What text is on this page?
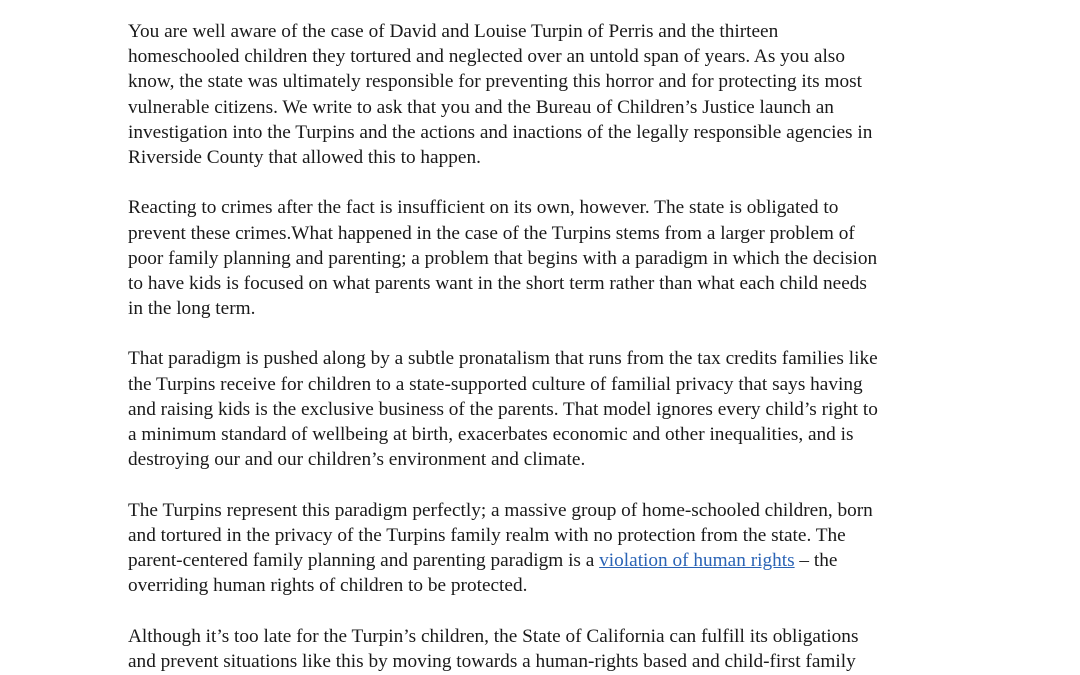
You are well aware of the case of David and Louise Turpin of Perris and the thirteen
homeschooled children they tortured and neglected over an untold span of years. As you also
know, the state was ultimately responsible for preventing this horror and for protecting its most
vulnerable citizens. We write to ask that you and the Bureau of Children’s Justice launch an
investigation into the Turpins and the actions and inactions of the legally responsible agencies in
Riverside County that allowed this to happen.
Reacting to crimes after the fact is insufficient on its own, however. The state is obligated to
prevent these crimes.What happened in the case of the Turpins stems from a larger problem of
poor family planning and parenting; a problem that begins with a paradigm in which the decision
to have kids is focused on what parents want in the short term rather than what each child needs
in the long term.
That paradigm is pushed along by a subtle pronatalism that runs from the tax credits families like
the Turpins receive for children to a state-supported culture of familial privacy that says having
and raising kids is the exclusive business of the parents. That model ignores every child’s right to
a minimum standard of wellbeing at birth, exacerbates economic and other inequalities, and is
destroying our and our children’s environment and climate.
The Turpins represent this paradigm perfectly; a massive group of home-schooled children, born
and tortured in the privacy of the Turpins family realm with no protection from the state. The
parent-centered family planning and parenting paradigm is a violation of human rights – the
overriding human rights of children to be protected.
Although it’s too late for the Turpin’s children, the State of California can fulfill its obligations
and prevent situations like this by moving towards a human-rights based and child-first family
